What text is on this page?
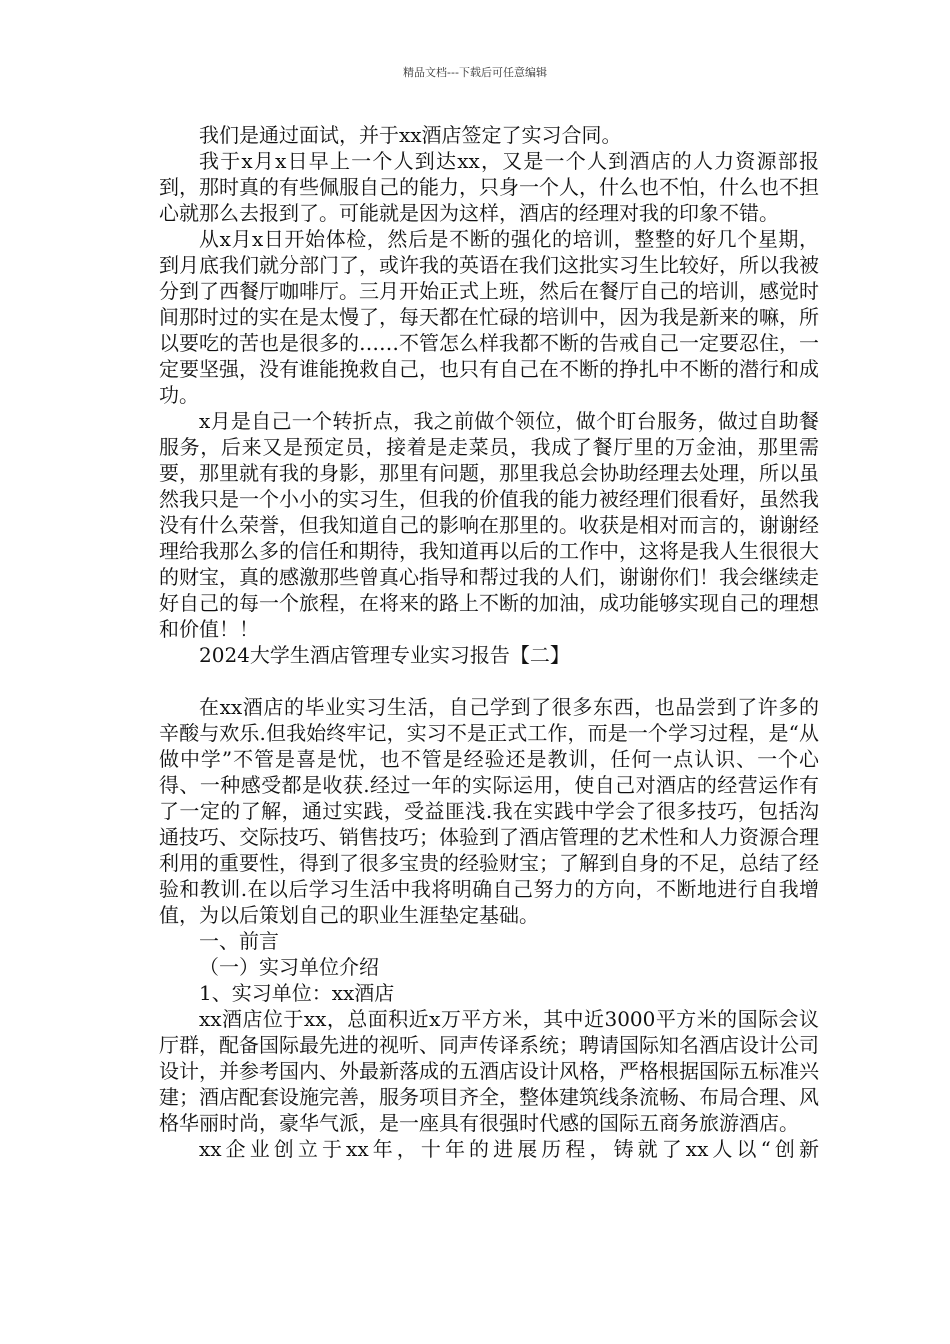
精品文档---下载后可任意编辑

我们是通过面试，并于xx酒店签定了实习合同。

我于x月x日早上一个人到达xx，又是一个人到酒店的人力资源部报到，那时真的有些佩服自己的能力，只身一个人，什么也不怕，什么也不担心就那么去报到了。可能就是因为这样，酒店的经理对我的印象不错。

从x月x日开始体检，然后是不断的强化的培训，整整的好几个星期，到月底我们就分部门了，或许我的英语在我们这批实习生比较好，所以我被分到了西餐厅咖啡厅。三月开始正式上班，然后在餐厅自己的培训，感觉时间那时过的实在是太慢了，每天都在忙碌的培训中，因为我是新来的嘛，所以要吃的苦也是很多的……不管怎么样我都不断的告戒自己一定要忍住，一定要坚强，没有谁能挽救自己，也只有自己在不断的挣扎中不断的潜行和成功。

x月是自己一个转折点，我之前做个领位，做个盯台服务，做过自助餐服务，后来又是预定员，接着是走菜员，我成了餐厅里的万金油，那里需要，那里就有我的身影，那里有问题，那里我总会协助经理去处理，所以虽然我只是一个小小的实习生，但我的价值我的能力被经理们很看好，虽然我没有什么荣誉，但我知道自己的影响在那里的。收获是相对而言的，谢谢经理给我那么多的信任和期待，我知道再以后的工作中，这将是我人生很很大的财宝，真的感激那些曾真心指导和帮过我的人们，谢谢你们！我会继续走好自己的每一个旅程，在将来的路上不断的加油，成功能够实现自己的理想和价值！！

2024大学生酒店管理专业实习报告【二】

在xx酒店的毕业实习生活，自己学到了很多东西，也品尝到了许多的辛酸与欢乐.但我始终牢记，实习不是正式工作，而是一个学习过程，是“从做中学”不管是喜是忧，也不管是经验还是教训，任何一点认识、一个心得、一种感受都是收获.经过一年的实际运用，使自己对酒店的经营运作有了一定的了解，通过实践，受益匪浅.我在实践中学会了很多技巧，包括沟通技巧、交际技巧、销售技巧；体验到了酒店管理的艺术性和人力资源合理利用的重要性，得到了很多宝贵的经验财宝；了解到自身的不足，总结了经验和教训.在以后学习生活中我将明确自己努力的方向，不断地进行自我增值，为以后策划自己的职业生涯垫定基础。

一、前言

（一）实习单位介绍

1、实习单位：xx酒店

xx酒店位于xx，总面积近x万平方米，其中近3000平方米的国际会议厅群，配备国际最先进的视听、同声传译系统；聘请国际知名酒店设计公司设计，并参考国内、外最新落成的五酒店设计风格，严格根据国际五标准兴建；酒店配套设施完善，服务项目齐全，整体建筑线条流畅、布局合理、风格华丽时尚，豪华气派，是一座具有很强时代感的国际五商务旅游酒店。

xx企业创立于xx年，十年的进展历程，铸就了xx人以“创新
